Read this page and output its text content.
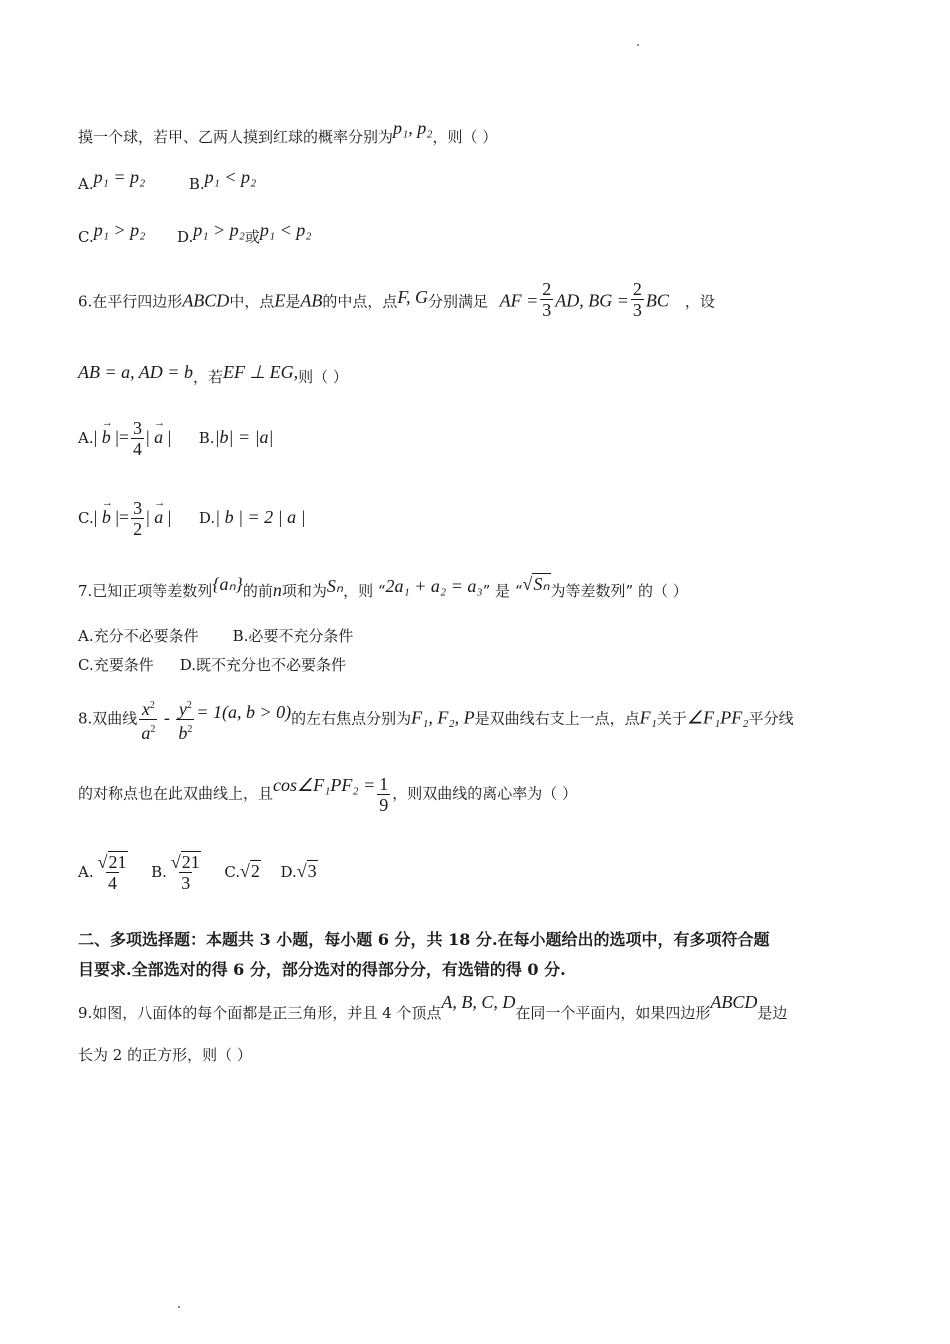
摸一个球，若甲、乙两人摸到红球的概率分别为p₁, p₂，则（ ）
A.p₁ = p₂	B.p₁ < p₂
C.p₁ > p₂ D.p₁ > p₂或p₁ < p₂
6.在平行四边形ABCD中，点E是AB的中点，点F, G分别满足 AF = $\frac{2}{3}$ AD, BG = $\frac{2}{3}$ BC ，设
AB = a, AD = b，若EF ⊥ EG,则（ ）
A.| → b |= $\frac{3}{4}$ | → a | B.|b| = |a|
C.| → b |= $\frac{3}{2}$ | → a | D.| b | = 2 | a |
7.已知正项等差数列{aₙ}的前n项和为Sₙ，则 “2a₁ + a₂ = a₃” 是 “√Sₙ为等差数列” 的（ ）
A.充分不必要条件 B.必要不充分条件
C.充要条件 D.既不充分也不必要条件
8.双曲线 $\frac{x^2}{a^2} - \frac{y^2}{b^2} = 1(a$, b > 0)的左右焦点分别为F₁, F₂, P是双曲线右支上一点，点F₁关于∠F₁PF₂平分线
的对称点也在此双曲线上，且cos∠F₁PF₂ = $\frac{1}{9}$ ，则双曲线的离心率为（ ）
A. $\frac{√21}{4} B$. $\frac{√21}{3} C.√2$ D.√3
二、多项选择题：本题共 3 小题，每小题 6 分，共 18 分.在每小题给出的选项中，有多项符合题
目要求.全部选对的得 6 分，部分选对的得部分分，有选错的得 0 分.
9.如图，八面体的每个面都是正三角形，并且 4 个顶点A, B, C, D在同一个平面内，如果四边形ABCD是边
长为 2 的正方形，则（ ）
